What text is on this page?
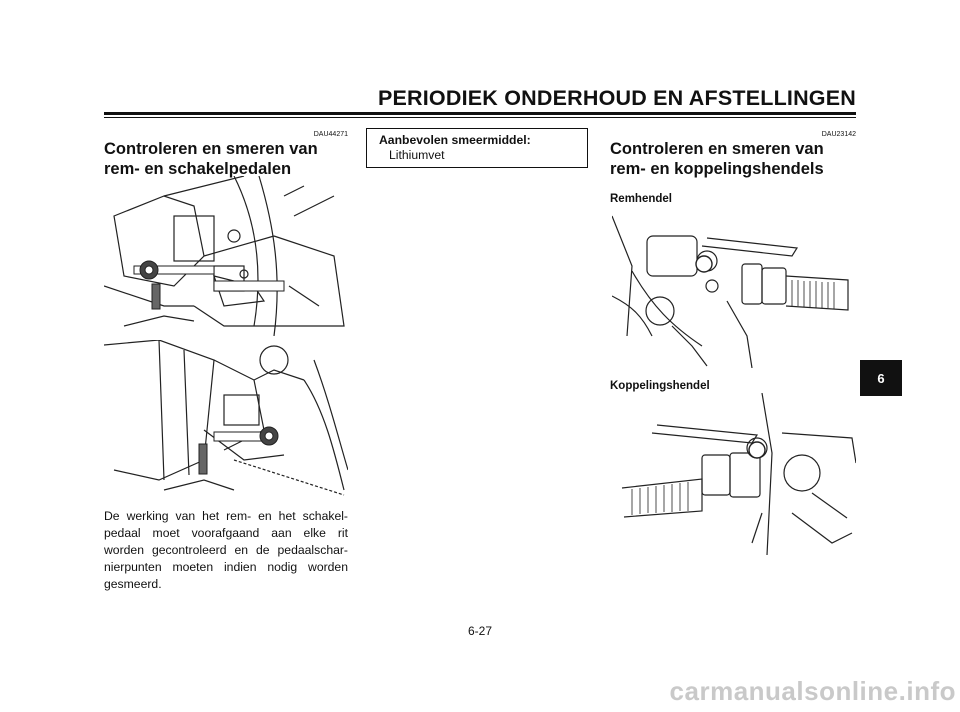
PERIODIEK ONDERHOUD EN AFSTELLINGEN
DAU44271
Controleren en smeren van
rem- en schakelpedalen
De werking van het rem- en het schakel-
pedaal moet voorafgaand aan elke rit
worden gecontroleerd en de pedaalschar-
nierpunten moeten indien nodig worden
gesmeerd.
Aanbevolen smeermiddel:
Lithiumvet
DAU23142
Controleren en smeren van
rem- en koppelingshendels
Remhendel
Koppelingshendel
6-27
6
carmanualsonline.info
